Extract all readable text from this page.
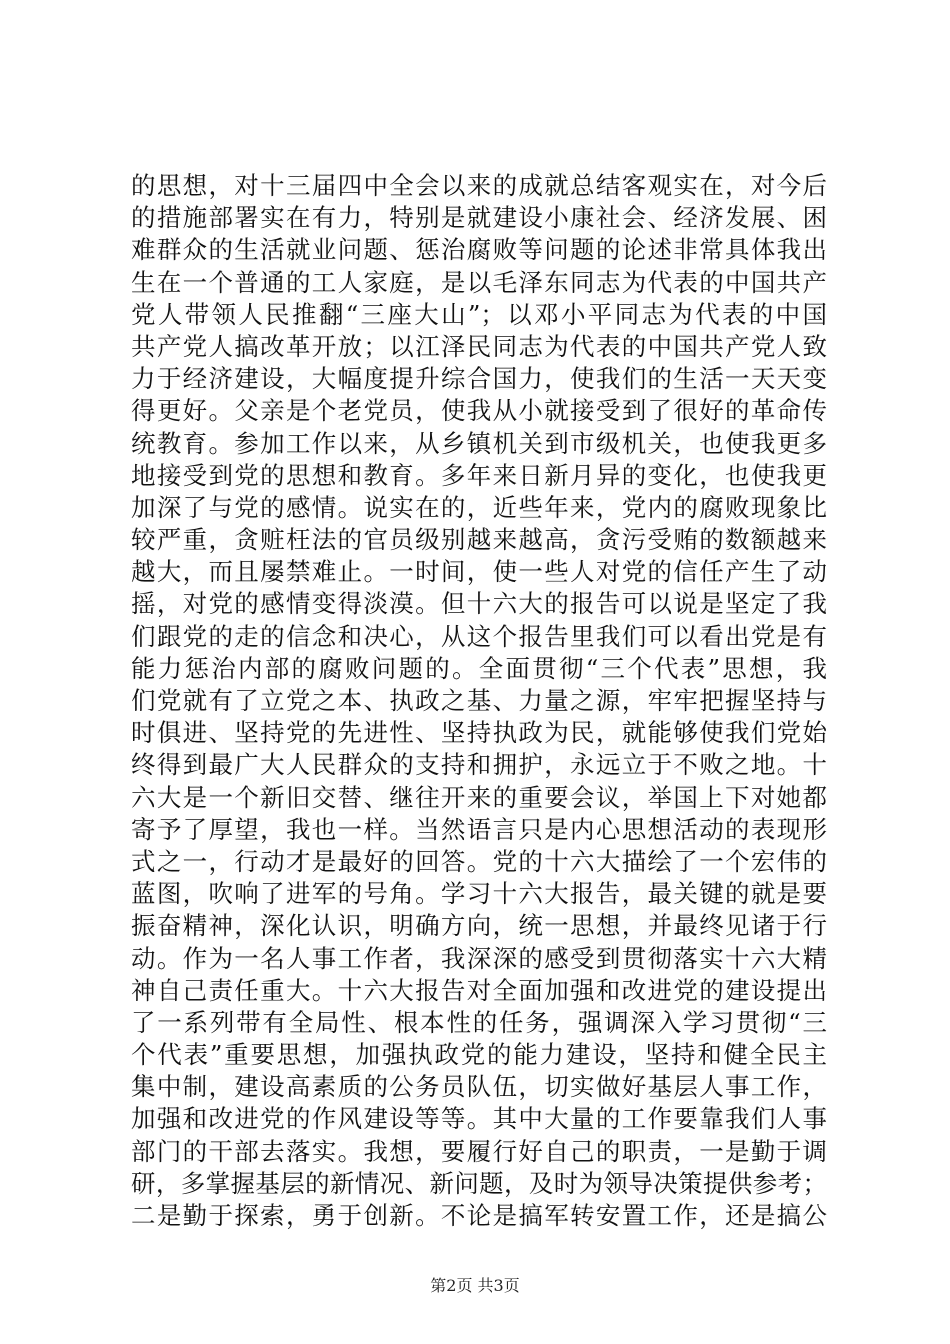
的思想，对十三届四中全会以来的成就总结客观实在，对今后
的措施部署实在有力，特别是就建设小康社会、经济发展、困
难群众的生活就业问题、惩治腐败等问题的论述非常具体我出
生在一个普通的工人家庭，是以毛泽东同志为代表的中国共产
党人带领人民推翻“三座大山”；以邓小平同志为代表的中国
共产党人搞改革开放；以江泽民同志为代表的中国共产党人致
力于经济建设，大幅度提升综合国力，使我们的生活一天天变
得更好。父亲是个老党员，使我从小就接受到了很好的革命传
统教育。参加工作以来，从乡镇机关到市级机关，也使我更多
地接受到党的思想和教育。多年来日新月异的变化，也使我更
加深了与党的感情。说实在的，近些年来，党内的腐败现象比
较严重，贪赃枉法的官员级别越来越高，贪污受贿的数额越来
越大，而且屡禁难止。一时间，使一些人对党的信任产生了动
摇，对党的感情变得淡漠。但十六大的报告可以说是坚定了我
们跟党的走的信念和决心，从这个报告里我们可以看出党是有
能力惩治内部的腐败问题的。全面贯彻“三个代表”思想，我
们党就有了立党之本、执政之基、力量之源，牢牢把握坚持与
时俱进、坚持党的先进性、坚持执政为民，就能够使我们党始
终得到最广大人民群众的支持和拥护，永远立于不败之地。十
六大是一个新旧交替、继往开来的重要会议，举国上下对她都
寄予了厚望，我也一样。当然语言只是内心思想活动的表现形
式之一，行动才是最好的回答。党的十六大描绘了一个宏伟的
蓝图，吹响了进军的号角。学习十六大报告，最关键的就是要
振奋精神，深化认识，明确方向，统一思想，并最终见诸于行
动。作为一名人事工作者，我深深的感受到贯彻落实十六大精
神自己责任重大。十六大报告对全面加强和改进党的建设提出
了一系列带有全局性、根本性的任务，强调深入学习贯彻“三
个代表”重要思想，加强执政党的能力建设，坚持和健全民主
集中制，建设高素质的公务员队伍，切实做好基层人事工作，
加强和改进党的作风建设等等。其中大量的工作要靠我们人事
部门的干部去落实。我想，要履行好自己的职责，一是勤于调
研，多掌握基层的新情况、新问题，及时为领导决策提供参考；
二是勤于探索，勇于创新。不论是搞军转安置工作，还是搞公
第2页 共3页
